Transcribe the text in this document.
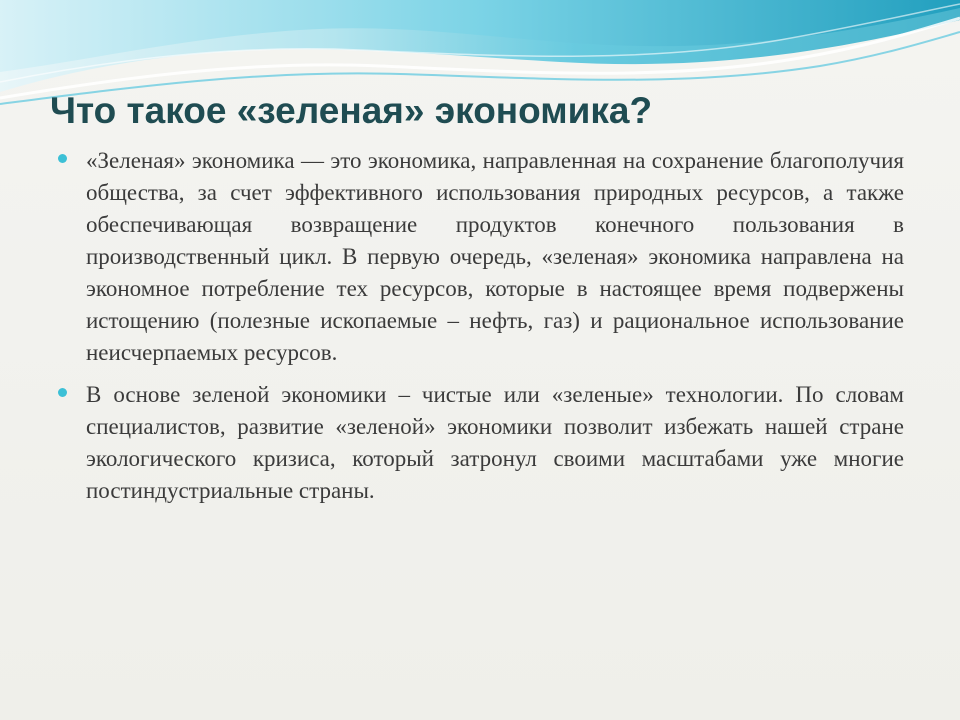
Что такое «зеленая» экономика?
«Зеленая» экономика — это экономика, направленная на сохранение благополучия общества, за счет эффективного использования природных ресурсов, а также обеспечивающая возвращение продуктов конечного пользования в производственный цикл. В первую очередь, «зеленая» экономика направлена на экономное потребление тех ресурсов, которые в настоящее время подвержены истощению (полезные ископаемые – нефть, газ) и рациональное использование неисчерпаемых ресурсов.
В основе зеленой экономики – чистые или «зеленые» технологии. По словам специалистов, развитие «зеленой» экономики позволит избежать нашей стране экологического кризиса, который затронул своими масштабами уже многие постиндустриальные страны.
